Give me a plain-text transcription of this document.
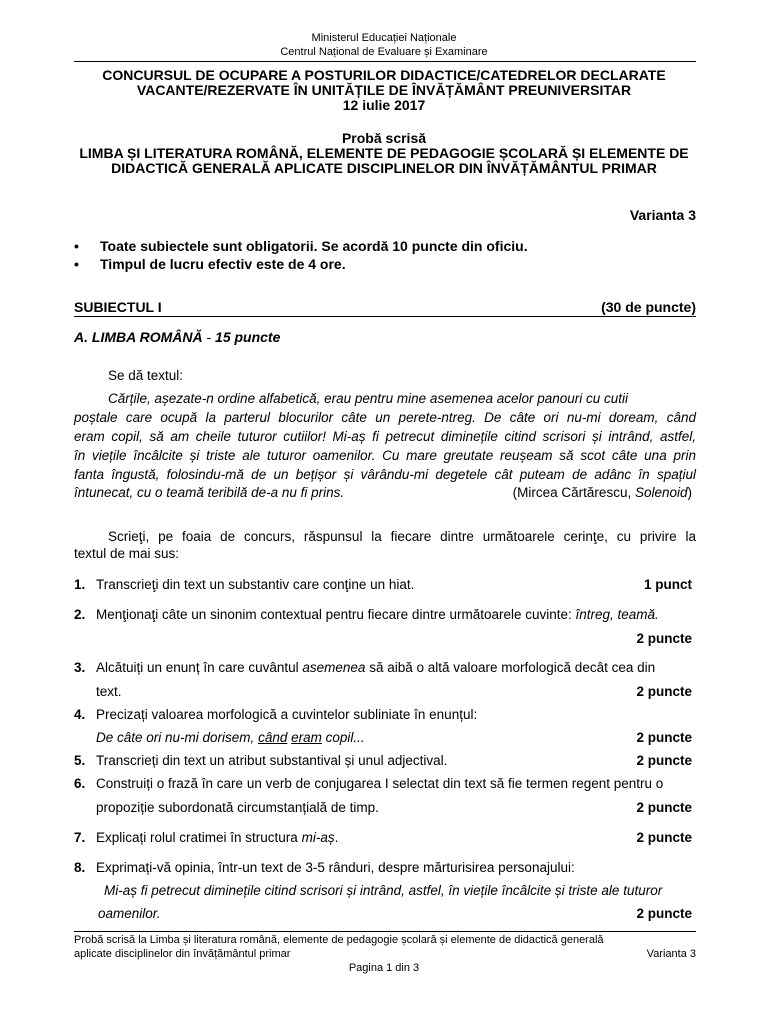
Ministerul Educației Naționale
Centrul Național de Evaluare și Examinare
CONCURSUL DE OCUPARE A POSTURILOR DIDACTICE/CATEDRELOR DECLARATE
VACANTE/REZERVATE ÎN UNITĂȚILE DE ÎNVĂȚĂMÂNT PREUNIVERSITAR
12 iulie 2017
Probă scrisă
LIMBA ȘI LITERATURA ROMÂNĂ, ELEMENTE DE PEDAGOGIE ȘCOLARĂ ȘI ELEMENTE DE
DIDACTICĂ GENERALĂ APLICATE DISCIPLINELOR DIN ÎNVĂȚĂMÂNTUL PRIMAR
Varianta 3
• Toate subiectele sunt obligatorii. Se acordă 10 puncte din oficiu.
• Timpul de lucru efectiv este de 4 ore.
SUBIECTUL I	(30 de puncte)
A. LIMBA ROMÂNĂ - 15 puncte
Se dă textul:
Cărțile, așezate-n ordine alfabetică, erau pentru mine asemenea acelor panouri cu cutii
poștale care ocupă la parterul blocurilor câte un perete-ntreg. De câte ori nu-mi doream, când
eram copil, să am cheile tuturor cutiilor! Mi-aș fi petrecut diminețile citind scrisori și intrând, astfel,
în viețile încâlcite și triste ale tuturor oamenilor. Cu mare greutate reușeam să scot câte una prin
fanta îngustă, folosindu-mă de un bețișor și vârându-mi degetele cât puteam de adânc în spațiul
întunecat, cu o teamă teribilă de-a nu fi prins.	(Mircea Cărtărescu, Solenoid)
Scrieţi, pe foaia de concurs, răspunsul la fiecare dintre următoarele cerinţe, cu privire la
textul de mai sus:
1. Transcrieţi din text un substantiv care conţine un hiat.	1 punct
2. Menţionaţi câte un sinonim contextual pentru fiecare dintre următoarele cuvinte: întreg, teamă.
2 puncte
3. Alcătuiți un enunț în care cuvântul asemenea să aibă o altă valoare morfologică decât cea din
text.	2 puncte
4. Precizați valoarea morfologică a cuvintelor subliniate în enunțul:
De câte ori nu-mi dorisem, când eram copil...	2 puncte
5. Transcrieți din text un atribut substantival și unul adjectival.	2 puncte
6. Construiți o frază în care un verb de conjugarea I selectat din text să fie termen regent pentru o
propoziție subordonată circumstanțială de timp.	2 puncte
7. Explicați rolul cratimei în structura mi-aș.	2 puncte
8. Exprimați-vă opinia, într-un text de 3-5 rânduri, despre mărturisirea personajului:
Mi-aș fi petrecut diminețile citind scrisori și intrând, astfel, în viețile încâlcite și triste ale tuturor
oamenilor.	2 puncte
Probă scrisă la Limba și literatura română, elemente de pedagogie școlară și elemente de didactică generală
aplicate disciplinelor din învățământul primar	Varianta 3
Pagina 1 din 3
